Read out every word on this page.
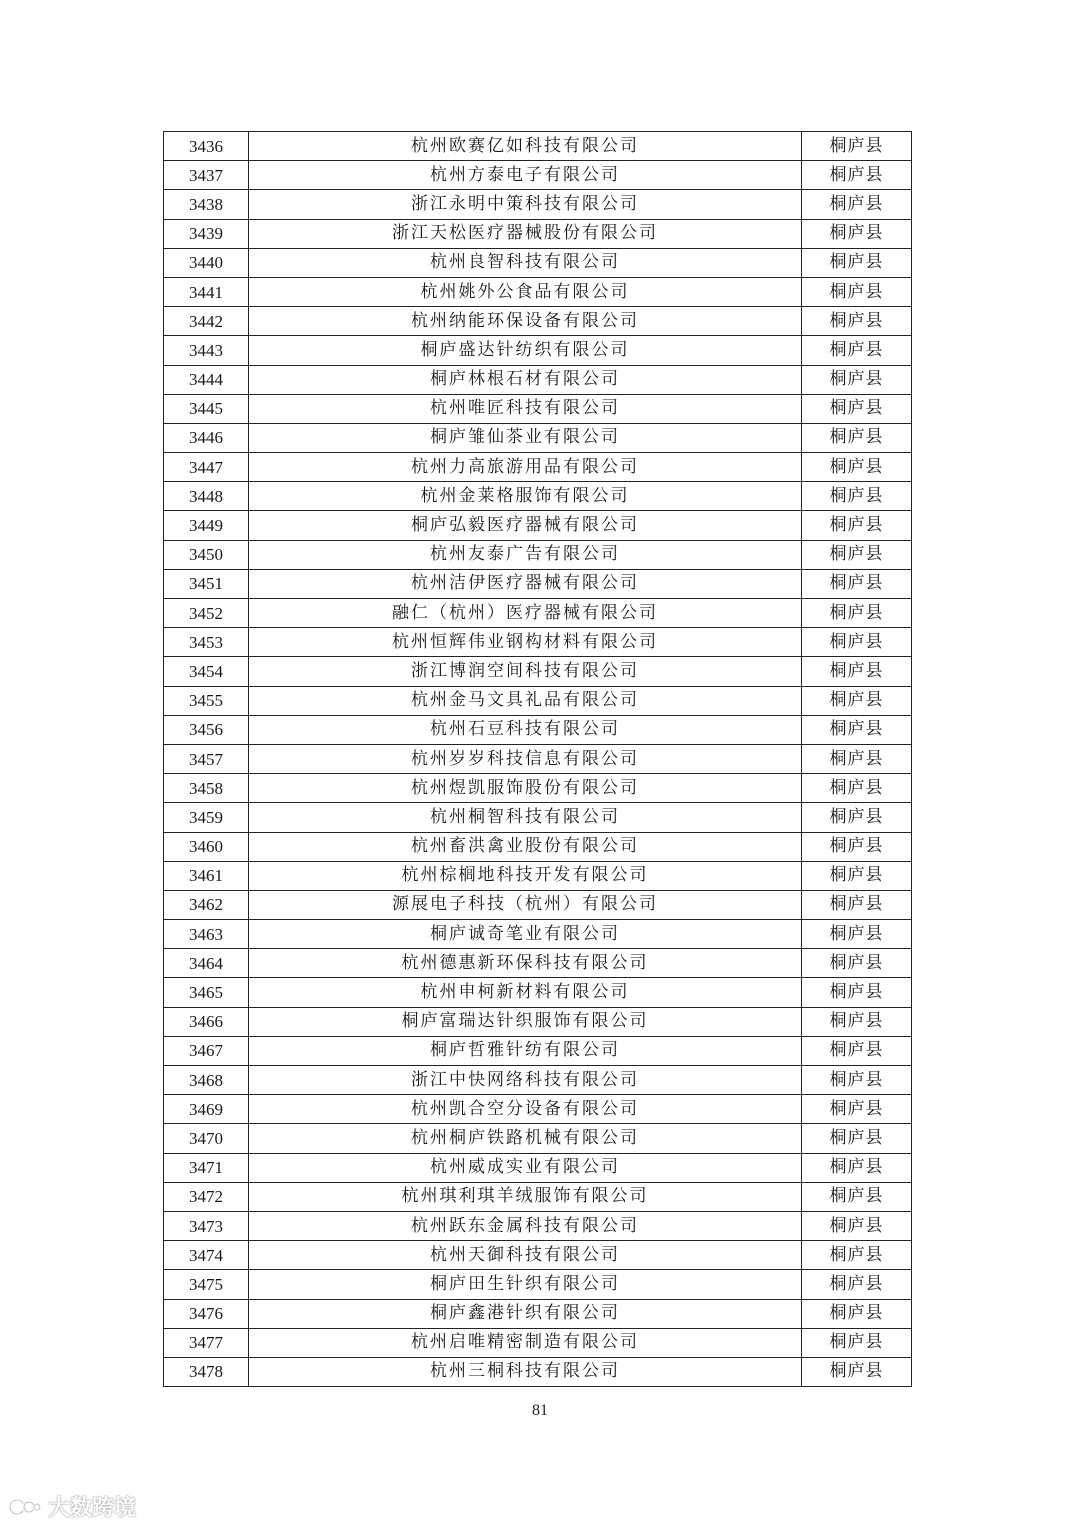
3436	杭州欧赛亿如科技有限公司	桐庐县
3437	杭州方泰电子有限公司	桐庐县
3438	浙江永明中策科技有限公司	桐庐县
3439	浙江天松医疗器械股份有限公司	桐庐县
3440	杭州良智科技有限公司	桐庐县
3441	杭州姚外公食品有限公司	桐庐县
3442	杭州纳能环保设备有限公司	桐庐县
3443	桐庐盛达针纺织有限公司	桐庐县
3444	桐庐林根石材有限公司	桐庐县
3445	杭州唯匠科技有限公司	桐庐县
3446	桐庐雏仙茶业有限公司	桐庐县
3447	杭州力高旅游用品有限公司	桐庐县
3448	杭州金莱格服饰有限公司	桐庐县
3449	桐庐弘毅医疗器械有限公司	桐庐县
3450	杭州友泰广告有限公司	桐庐县
3451	杭州洁伊医疗器械有限公司	桐庐县
3452	融仁（杭州）医疗器械有限公司	桐庐县
3453	杭州恒辉伟业钢构材料有限公司	桐庐县
3454	浙江博润空间科技有限公司	桐庐县
3455	杭州金马文具礼品有限公司	桐庐县
3456	杭州石豆科技有限公司	桐庐县
3457	杭州岁岁科技信息有限公司	桐庐县
3458	杭州煜凯服饰股份有限公司	桐庐县
3459	杭州桐智科技有限公司	桐庐县
3460	杭州畜洪禽业股份有限公司	桐庐县
3461	杭州棕榈地科技开发有限公司	桐庐县
3462	源展电子科技（杭州）有限公司	桐庐县
3463	桐庐诚奇笔业有限公司	桐庐县
3464	杭州德惠新环保科技有限公司	桐庐县
3465	杭州申柯新材料有限公司	桐庐县
3466	桐庐富瑞达针织服饰有限公司	桐庐县
3467	桐庐哲雅针纺有限公司	桐庐县
3468	浙江中快网络科技有限公司	桐庐县
3469	杭州凯合空分设备有限公司	桐庐县
3470	杭州桐庐铁路机械有限公司	桐庐县
3471	杭州威成实业有限公司	桐庐县
3472	杭州琪利琪羊绒服饰有限公司	桐庐县
3473	杭州跃东金属科技有限公司	桐庐县
3474	杭州天御科技有限公司	桐庐县
3475	桐庐田生针织有限公司	桐庐县
3476	桐庐鑫港针织有限公司	桐庐县
3477	杭州启唯精密制造有限公司	桐庐县
3478	杭州三桐科技有限公司	桐庐县
81
大数跨境
